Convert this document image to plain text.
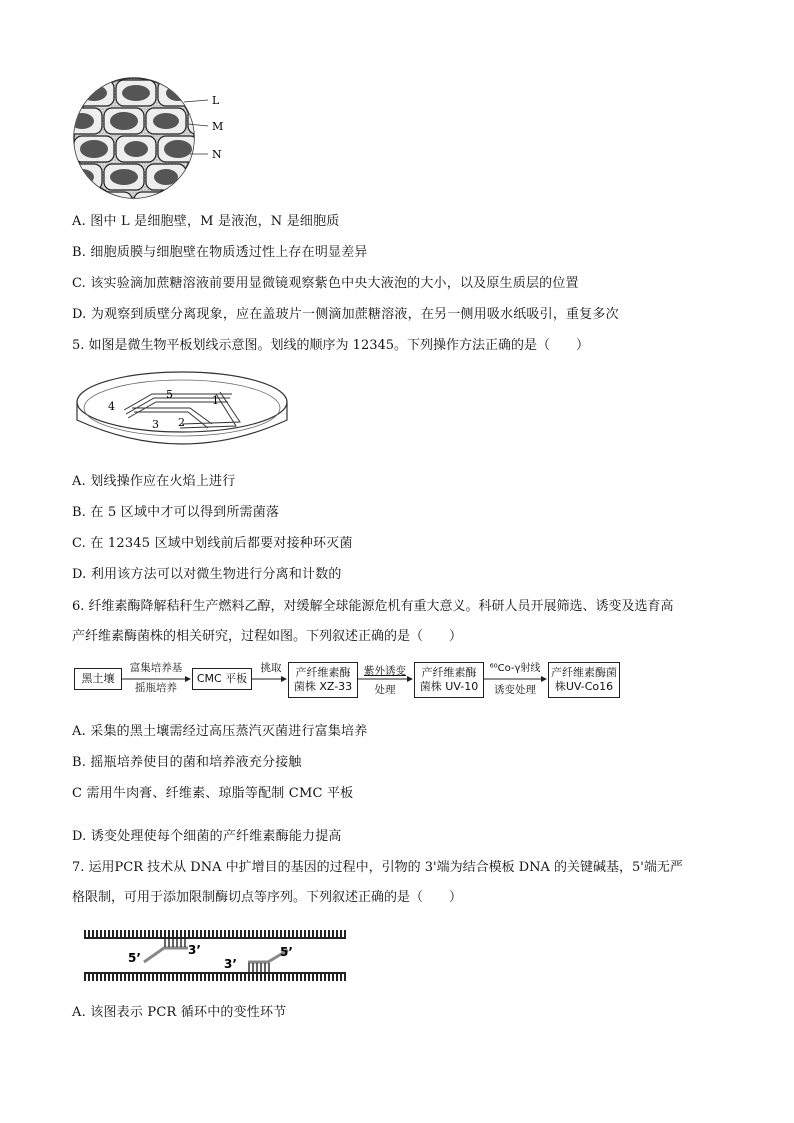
L
M
N
A. 图中 L 是细胞壁，M 是液泡，N 是细胞质
B. 细胞质膜与细胞壁在物质透过性上存在明显差异
C. 该实验滴加蔗糖溶液前要用显微镜观察紫色中央大液泡的大小，以及原生质层的位置
D. 为观察到质壁分离现象，应在盖玻片一侧滴加蔗糖溶液，在另一侧用吸水纸吸引，重复多次
5. 如图是微生物平板划线示意图。划线的顺序为 12345。下列操作方法正确的是（　　）
4
5	1
3 2
A. 划线操作应在火焰上进行
B. 在 5 区域中才可以得到所需菌落
C. 在 12345 区域中划线前后都要对接种环灭菌
D. 利用该方法可以对微生物进行分离和计数的
6. 纤维素酶降解秸秆生产燃料乙醇，对缓解全球能源危机有重大意义。科研人员开展筛选、诱变及选育高
产纤维素酶菌株的相关研究，过程如图。下列叙述正确的是（　　）
黑土壤
富集培养基
摇瓶培养
CMC 平板
挑取	产纤维素酶
菌株 XZ-33
紫外诱变
处理
产纤维素酶
菌株 UV-10
⁶⁰Co-γ射线
诱变处理
产纤维素酶菌
株UV-Co16
A. 采集的黑土壤需经过高压蒸汽灭菌进行富集培养
B. 摇瓶培养使目的菌和培养液充分接触
C 需用牛肉膏、纤维素、琼脂等配制 CMC 平板
D. 诱变处理使每个细菌的产纤维素酶能力提高
7. 运用PCR 技术从 DNA 中扩增目的基因的过程中，引物的 3'端为结合模板 DNA 的关键碱基，5'端无严
格限制，可用于添加限制酶切点等序列。下列叙述正确的是（　　）
5’
3’
3’
5’
A. 该图表示 PCR 循环中的变性环节
